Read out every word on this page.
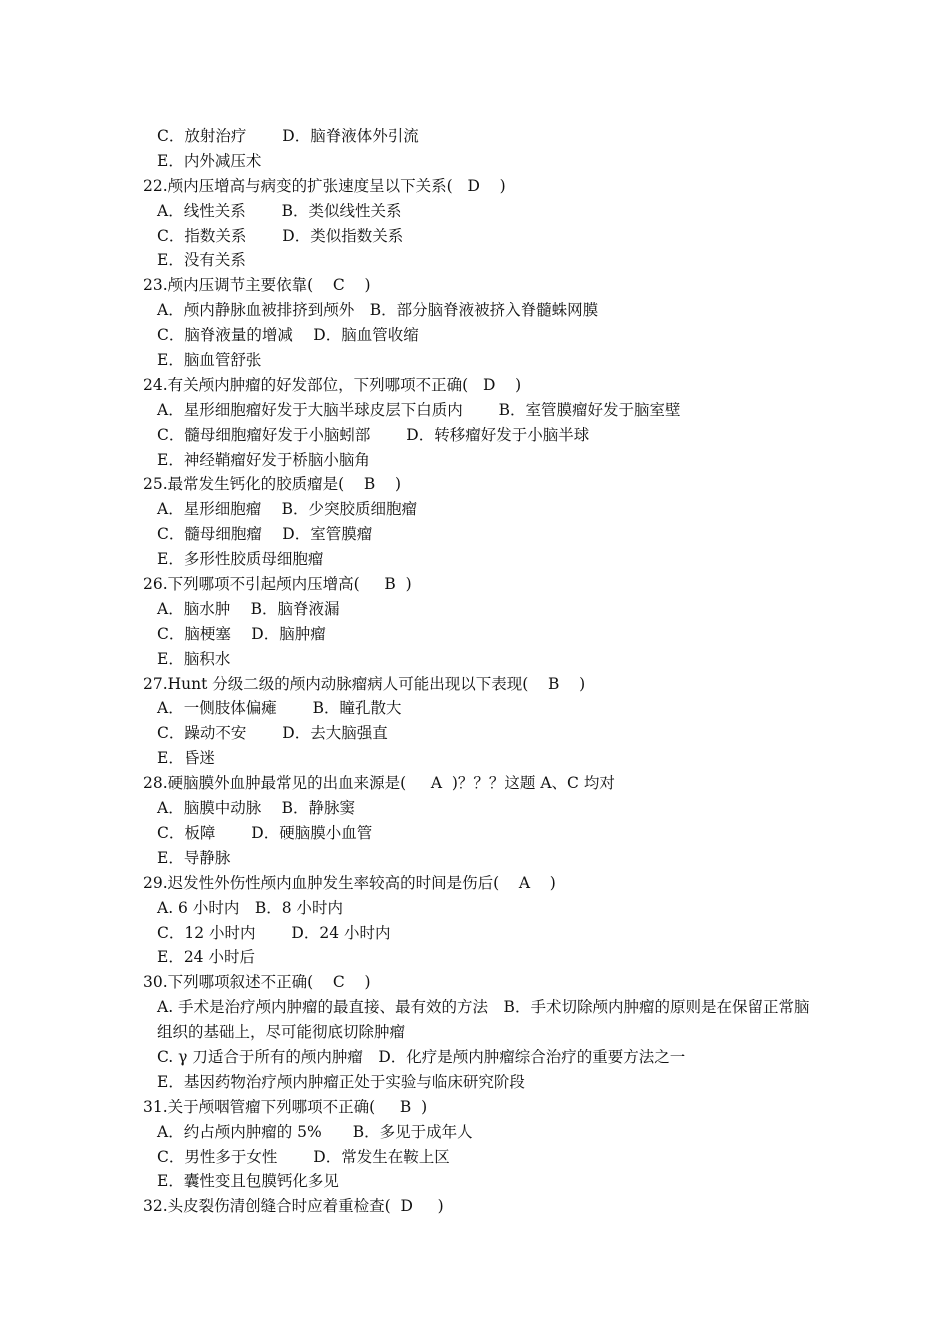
C．放射治疗　　 D．脑脊液体外引流
E．内外减压术
22.颅内压增高与病变的扩张速度呈以下关系(   D    )
A．线性关系　　 B．类似线性关系
C．指数关系　　 D．类似指数关系
E．没有关系
23.颅内压调节主要依靠(    C    )
A．颅内静脉血被排挤到颅外　B．部分脑脊液被挤入脊髓蛛网膜
C．脑脊液量的增减　 D．脑血管收缩
E．脑血管舒张
24.有关颅内肿瘤的好发部位，下列哪项不正确(   D    )
A．星形细胞瘤好发于大脑半球皮层下白质内　　 B．室管膜瘤好发于脑室壁
C．髓母细胞瘤好发于小脑蚓部　　 D．转移瘤好发于小脑半球
E．神经鞘瘤好发于桥脑小脑角
25.最常发生钙化的胶质瘤是(    B    )
A．星形细胞瘤　 B．少突胶质细胞瘤
C．髓母细胞瘤　 D．室管膜瘤
E．多形性胶质母细胞瘤
26.下列哪项不引起颅内压增高(     B  )
A．脑水肿　 B．脑脊液漏
C．脑梗塞　 D．脑肿瘤
E．脑积水
27.Hunt 分级二级的颅内动脉瘤病人可能出现以下表现(    B    )
A．一侧肢体偏瘫　　 B．瞳孔散大
C．躁动不安　　 D．去大脑强直
E．昏迷
28.硬脑膜外血肿最常见的出血来源是(     A  )？？？这题 A、C 均对
A．脑膜中动脉　 B．静脉窦
C．板障　　 D．硬脑膜小血管
E．导静脉
29.迟发性外伤性颅内血肿发生率较高的时间是伤后(    A    )
A. 6 小时内　B．8 小时内
C．12 小时内　　 D．24 小时内
E．24 小时后
30.下列哪项叙述不正确(    C    )
A. 手术是治疗颅内肿瘤的最直接、最有效的方法　B．手术切除颅内肿瘤的原则是在保留正常脑组织的基础上，尽可能彻底切除肿瘤
C. γ 刀适合于所有的颅内肿瘤　D．化疗是颅内肿瘤综合治疗的重要方法之一
E．基因药物治疗颅内肿瘤正处于实验与临床研究阶段
31.关于颅咽管瘤下列哪项不正确(     B  )
A．约占颅内肿瘤的 5%　　B．多见于成年人
C．男性多于女性　　 D．常发生在鞍上区
E．囊性变且包膜钙化多见
32.头皮裂伤清创缝合时应着重检查(  D     )
